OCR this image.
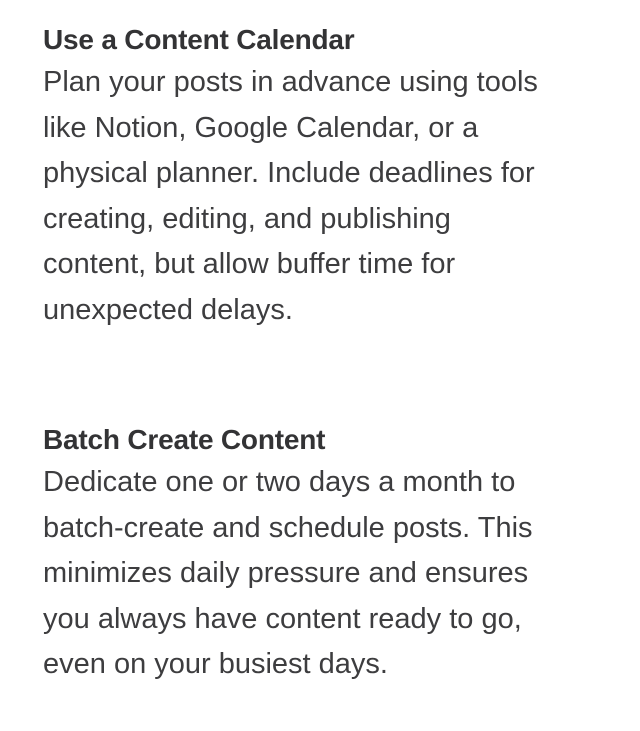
Use a Content Calendar

Plan your posts in advance using tools
like Notion, Google Calendar, or a
physical planner. Include deadlines for
creating, editing, and publishing
content, but allow buffer time for
unexpected delays.

Batch Create Content

Dedicate one or two days a month to
batch-create and schedule posts. This
minimizes daily pressure and ensures
you always have content ready to go,
even on your busiest days.
